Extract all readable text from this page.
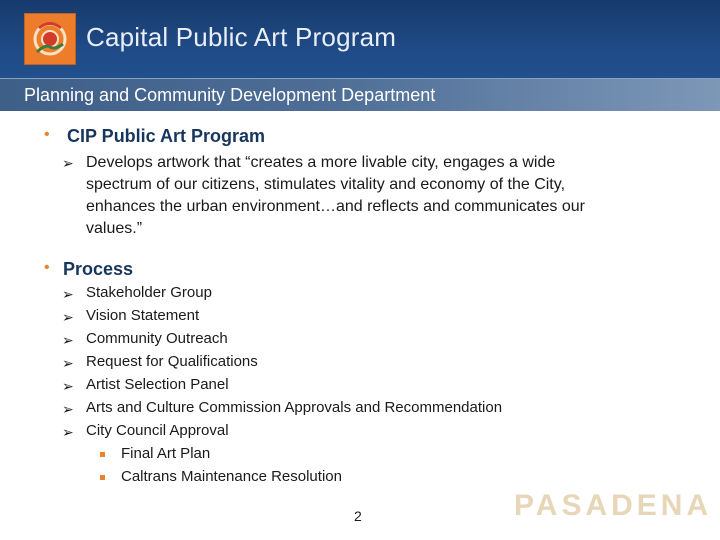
Capital Public Art Program
Planning and Community Development Department
• CIP Public Art Program
➢ Develops artwork that “creates a more livable city, engages a wide
spectrum of our citizens, stimulates vitality and economy of the City,
enhances the urban environment…and reflects and communicates our
values.”
• Process
➢ Stakeholder Group
➢ Vision Statement
➢ Community Outreach
➢ Request for Qualifications
➢ Artist Selection Panel
➢ Arts and Culture Commission Approvals and Recommendation
➢ City Council Approval
Final Art Plan
Caltrans Maintenance Resolution
2	PASADENA
